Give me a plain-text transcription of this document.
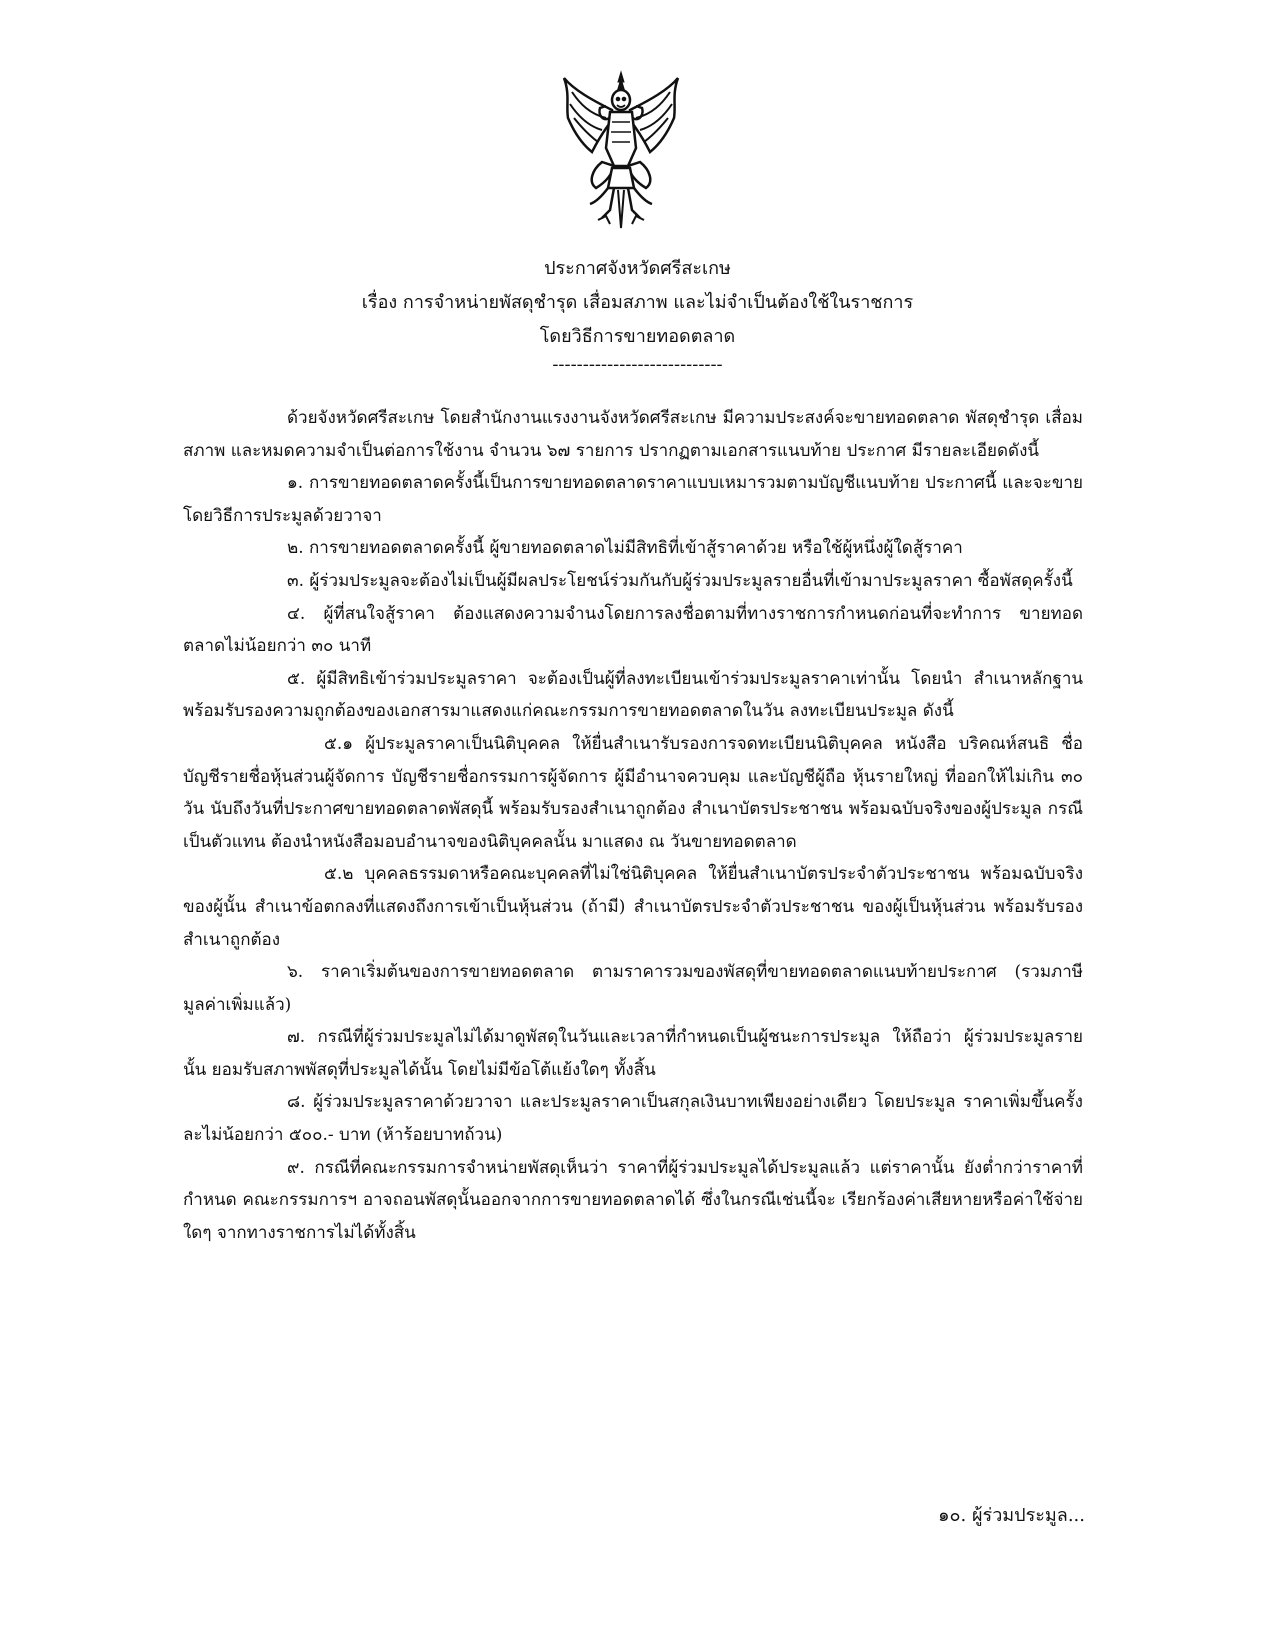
ประกาศจังหวัดศรีสะเกษ
เรื่อง การจำหน่ายพัสดุชำรุด เสื่อมสภาพ และไม่จำเป็นต้องใช้ในราชการ
โดยวิธีการขายทอดตลาด
----------------------------

ด้วยจังหวัดศรีสะเกษ โดยสำนักงานแรงงานจังหวัดศรีสะเกษ มีความประสงค์จะขายทอดตลาด พัสดุชำรุด เสื่อมสภาพ และหมดความจำเป็นต่อการใช้งาน จำนวน ๖๗ รายการ ปรากฏตามเอกสารแนบท้าย ประกาศ มีรายละเอียดดังนี้

๑. การขายทอดตลาดครั้งนี้เป็นการขายทอดตลาดราคาแบบเหมารวมตามบัญชีแนบท้าย ประกาศนี้ และจะขายโดยวิธีการประมูลด้วยวาจา

๒. การขายทอดตลาดครั้งนี้ ผู้ขายทอดตลาดไม่มีสิทธิที่เข้าสู้ราคาด้วย หรือใช้ผู้หนึ่งผู้ใดสู้ราคา

๓. ผู้ร่วมประมูลจะต้องไม่เป็นผู้มีผลประโยชน์ร่วมกันกับผู้ร่วมประมูลรายอื่นที่เข้ามาประมูลราคา ซื้อพัสดุครั้งนี้

๔. ผู้ที่สนใจสู้ราคา ต้องแสดงความจำนงโดยการลงชื่อตามที่ทางราชการกำหนดก่อนที่จะทำการ ขายทอดตลาดไม่น้อยกว่า ๓๐ นาที

๕. ผู้มีสิทธิเข้าร่วมประมูลราคา จะต้องเป็นผู้ที่ลงทะเบียนเข้าร่วมประมูลราคาเท่านั้น โดยนำ สำเนาหลักฐานพร้อมรับรองความถูกต้องของเอกสารมาแสดงแก่คณะกรรมการขายทอดตลาดในวัน ลงทะเบียนประมูล ดังนี้

๕.๑ ผู้ประมูลราคาเป็นนิติบุคคล ให้ยื่นสำเนารับรองการจดทะเบียนนิติบุคคล หนังสือ บริคณห์สนธิ ชื่อบัญชีรายชื่อหุ้นส่วนผู้จัดการ บัญชีรายชื่อกรรมการผู้จัดการ ผู้มีอำนาจควบคุม และบัญชีผู้ถือ หุ้นรายใหญ่ ที่ออกให้ไม่เกิน ๓๐ วัน นับถึงวันที่ประกาศขายทอดตลาดพัสดุนี้ พร้อมรับรองสำเนาถูกต้อง สำเนาบัตรประชาชน พร้อมฉบับจริงของผู้ประมูล กรณีเป็นตัวแทน ต้องนำหนังสือมอบอำนาจของนิติบุคคลนั้น มาแสดง ณ วันขายทอดตลาด

๕.๒ บุคคลธรรมดาหรือคณะบุคคลที่ไม่ใช่นิติบุคคล ให้ยื่นสำเนาบัตรประจำตัวประชาชน พร้อมฉบับจริงของผู้นั้น สำเนาข้อตกลงที่แสดงถึงการเข้าเป็นหุ้นส่วน (ถ้ามี) สำเนาบัตรประจำตัวประชาชน ของผู้เป็นหุ้นส่วน พร้อมรับรองสำเนาถูกต้อง

๖. ราคาเริ่มต้นของการขายทอดตลาด ตามราคารวมของพัสดุที่ขายทอดตลาดแนบท้ายประกาศ (รวมภาษีมูลค่าเพิ่มแล้ว)

๗. กรณีที่ผู้ร่วมประมูลไม่ได้มาดูพัสดุในวันและเวลาที่กำหนดเป็นผู้ชนะการประมูล ให้ถือว่า ผู้ร่วมประมูลรายนั้น ยอมรับสภาพพัสดุที่ประมูลได้นั้น โดยไม่มีข้อโต้แย้งใดๆ ทั้งสิ้น

๘. ผู้ร่วมประมูลราคาด้วยวาจา และประมูลราคาเป็นสกุลเงินบาทเพียงอย่างเดียว โดยประมูล ราคาเพิ่มขึ้นครั้งละไม่น้อยกว่า ๕๐๐.- บาท (ห้าร้อยบาทถ้วน)

๙. กรณีที่คณะกรรมการจำหน่ายพัสดุเห็นว่า ราคาที่ผู้ร่วมประมูลได้ประมูลแล้ว แต่ราคานั้น ยังต่ำกว่าราคาที่กำหนด คณะกรรมการฯ อาจถอนพัสดุนั้นออกจากการขายทอดตลาดได้ ซึ่งในกรณีเช่นนี้จะ เรียกร้องค่าเสียหายหรือค่าใช้จ่ายใดๆ จากทางราชการไม่ได้ทั้งสิ้น

๑๐. ผู้ร่วมประมูล...
